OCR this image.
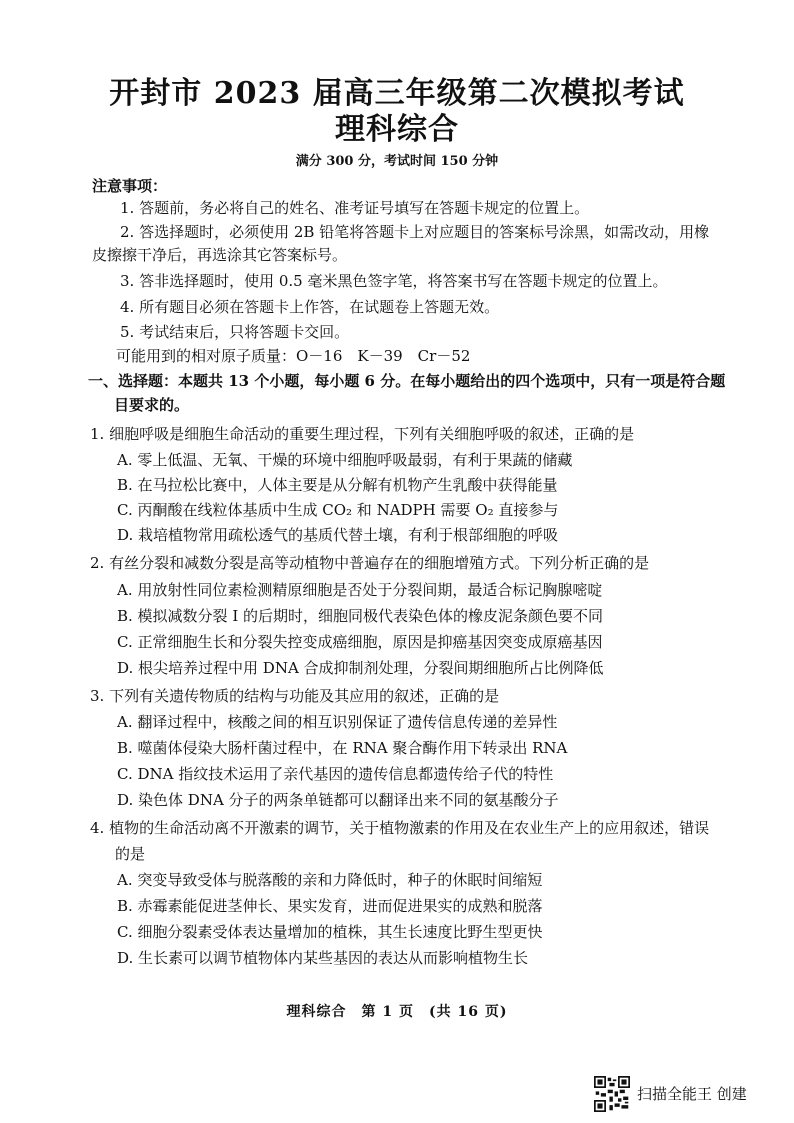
开封市 2023 届高三年级第二次模拟考试
理科综合
满分 300 分，考试时间 150 分钟
注意事项：
1. 答题前，务必将自己的姓名、准考证号填写在答题卡规定的位置上。
2. 答选择题时，必须使用 2B 铅笔将答题卡上对应题目的答案标号涂黑，如需改动，用橡
皮擦擦干净后，再选涂其它答案标号。
3. 答非选择题时，使用 0.5 毫米黑色签字笔，将答案书写在答题卡规定的位置上。
4. 所有题目必须在答题卡上作答，在试题卷上答题无效。
5. 考试结束后，只将答题卡交回。
可能用到的相对原子质量：O－16　K－39　Cr－52
一、选择题：本题共 13 个小题，每小题 6 分。在每小题给出的四个选项中，只有一项是符合题
目要求的。
1. 细胞呼吸是细胞生命活动的重要生理过程，下列有关细胞呼吸的叙述，正确的是
A. 零上低温、无氧、干燥的环境中细胞呼吸最弱，有利于果蔬的储藏
B. 在马拉松比赛中，人体主要是从分解有机物产生乳酸中获得能量
C. 丙酮酸在线粒体基质中生成 CO₂ 和 NADPH 需要 O₂ 直接参与
D. 栽培植物常用疏松透气的基质代替土壤，有利于根部细胞的呼吸
2. 有丝分裂和减数分裂是高等动植物中普遍存在的细胞增殖方式。下列分析正确的是
A. 用放射性同位素检测精原细胞是否处于分裂间期，最适合标记胸腺嘧啶
B. 模拟减数分裂 I 的后期时，细胞同极代表染色体的橡皮泥条颜色要不同
C. 正常细胞生长和分裂失控变成癌细胞，原因是抑癌基因突变成原癌基因
D. 根尖培养过程中用 DNA 合成抑制剂处理，分裂间期细胞所占比例降低
3. 下列有关遗传物质的结构与功能及其应用的叙述，正确的是
A. 翻译过程中，核酸之间的相互识别保证了遗传信息传递的差异性
B. 噬菌体侵染大肠杆菌过程中，在 RNA 聚合酶作用下转录出 RNA
C. DNA 指纹技术运用了亲代基因的遗传信息都遗传给子代的特性
D. 染色体 DNA 分子的两条单链都可以翻译出来不同的氨基酸分子
4. 植物的生命活动离不开激素的调节，关于植物激素的作用及在农业生产上的应用叙述，错误
的是
A. 突变导致受体与脱落酸的亲和力降低时，种子的休眠时间缩短
B. 赤霉素能促进茎伸长、果实发育，进而促进果实的成熟和脱落
C. 细胞分裂素受体表达量增加的植株，其生长速度比野生型更快
D. 生长素可以调节植物体内某些基因的表达从而影响植物生长
理科综合　第 1 页　(共 16 页)
扫描全能王 创建
